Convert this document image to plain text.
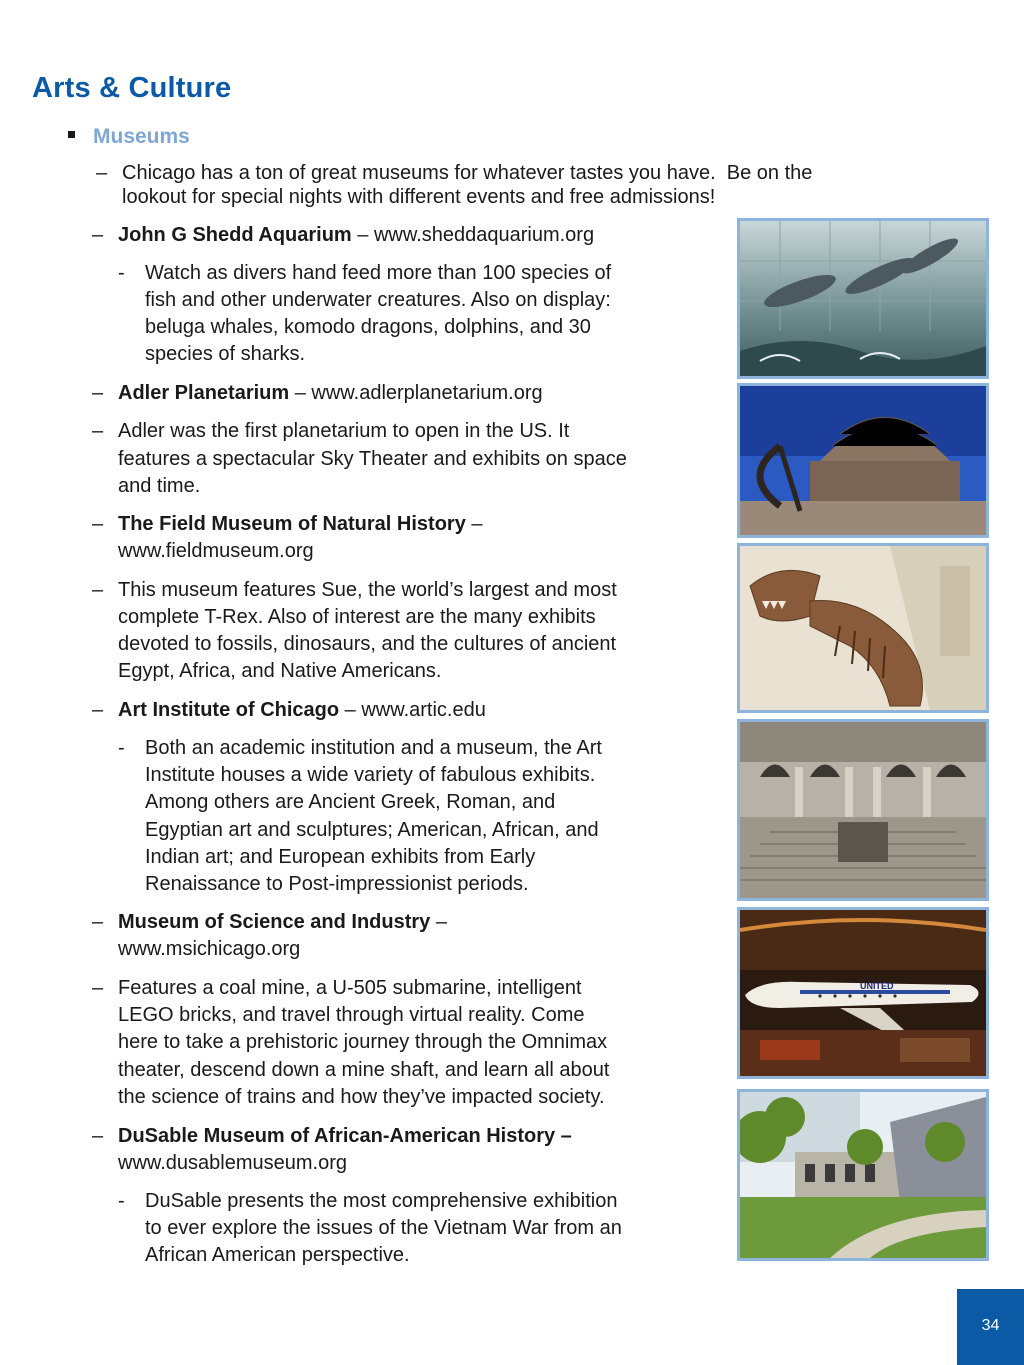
Arts & Culture
Museums
– Chicago has a ton of great museums for whatever tastes you have.  Be on the
lookout for special nights with different events and free admissions!
– John G Shedd Aquarium – www.sheddaquarium.org
- Watch as divers hand feed more than 100 species of
fish and other underwater creatures. Also on display:
beluga whales, komodo dragons, dolphins, and 30
species of sharks.
– Adler Planetarium – www.adlerplanetarium.org
– Adler was the first planetarium to open in the US. It
features a spectacular Sky Theater and exhibits on space
and time.
– The Field Museum of Natural History –
www.fieldmuseum.org
– This museum features Sue, the world’s largest and most
complete T-Rex. Also of interest are the many exhibits
devoted to fossils, dinosaurs, and the cultures of ancient
Egypt, Africa, and Native Americans.
– Art Institute of Chicago – www.artic.edu
- Both an academic institution and a museum, the Art
Institute houses a wide variety of fabulous exhibits.
Among others are Ancient Greek, Roman, and
Egyptian art and sculptures; American, African, and
Indian art; and European exhibits from Early
Renaissance to Post-impressionist periods.
– Museum of Science and Industry –
www.msichicago.org
– Features a coal mine, a U-505 submarine, intelligent
LEGO bricks, and travel through virtual reality. Come
here to take a prehistoric journey through the Omnimax
theater, descend down a mine shaft, and learn all about
the science of trains and how they’ve impacted society.
– DuSable Museum of African-American History –
www.dusablemuseum.org
- DuSable presents the most comprehensive exhibition
to ever explore the issues of the Vietnam War from an
African American perspective.
UNITED
34
